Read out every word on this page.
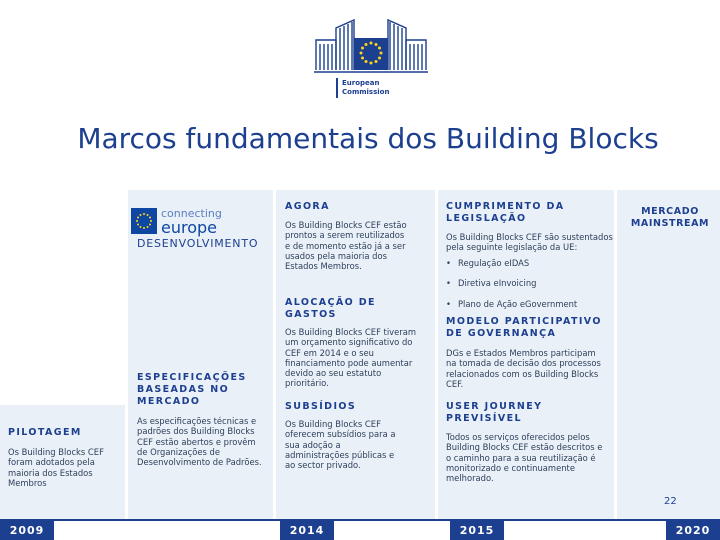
European
Commission
Marcos fundamentais dos Building Blocks
connecting
europe
DESENVOLVIMENTO
PILOTAGEM
Os Building Blocks CEF foram adotados pela maioria dos Estados Membros
ESPECIFICAÇÕES BASEADAS NO MERCADO
As especificações técnicas e padrões dos Building Blocks CEF estão abertos e provêm de Organizações de Desenvolvimento de Padrões.
AGORA
Os Building Blocks CEF estão prontos a serem reutilizados e de momento estão já a ser usados pela maioria dos Estados Membros.
ALOCAÇÃO DE GASTOS
Os Building Blocks CEF tiveram um orçamento significativo do CEF em 2014 e o seu financiamento pode aumentar devido ao seu estatuto prioritário.
SUBSÍDIOS
Os Building Blocks CEF oferecem subsídios para a sua adoção a administrações públicas e ao sector privado.
CUMPRIMENTO DA LEGISLAÇÃO
Os Building Blocks CEF são sustentados pela seguinte legislação da UE:
• Regulação eIDAS
• Diretiva eInvoicing
• Plano de Ação eGovernment
MERCADO MAINSTREAM
MODELO PARTICIPATIVO DE GOVERNANÇA
DGs e Estados Membros participam na tomada de decisão dos processos relacionados com os Building Blocks CEF.
USER JOURNEY PREVISÍVEL
Todos os serviços oferecidos pelos Building Blocks CEF estão descritos e o caminho para a sua reutilização é monitorizado e continuamente melhorado.
22
2009	2014	2015	2020
